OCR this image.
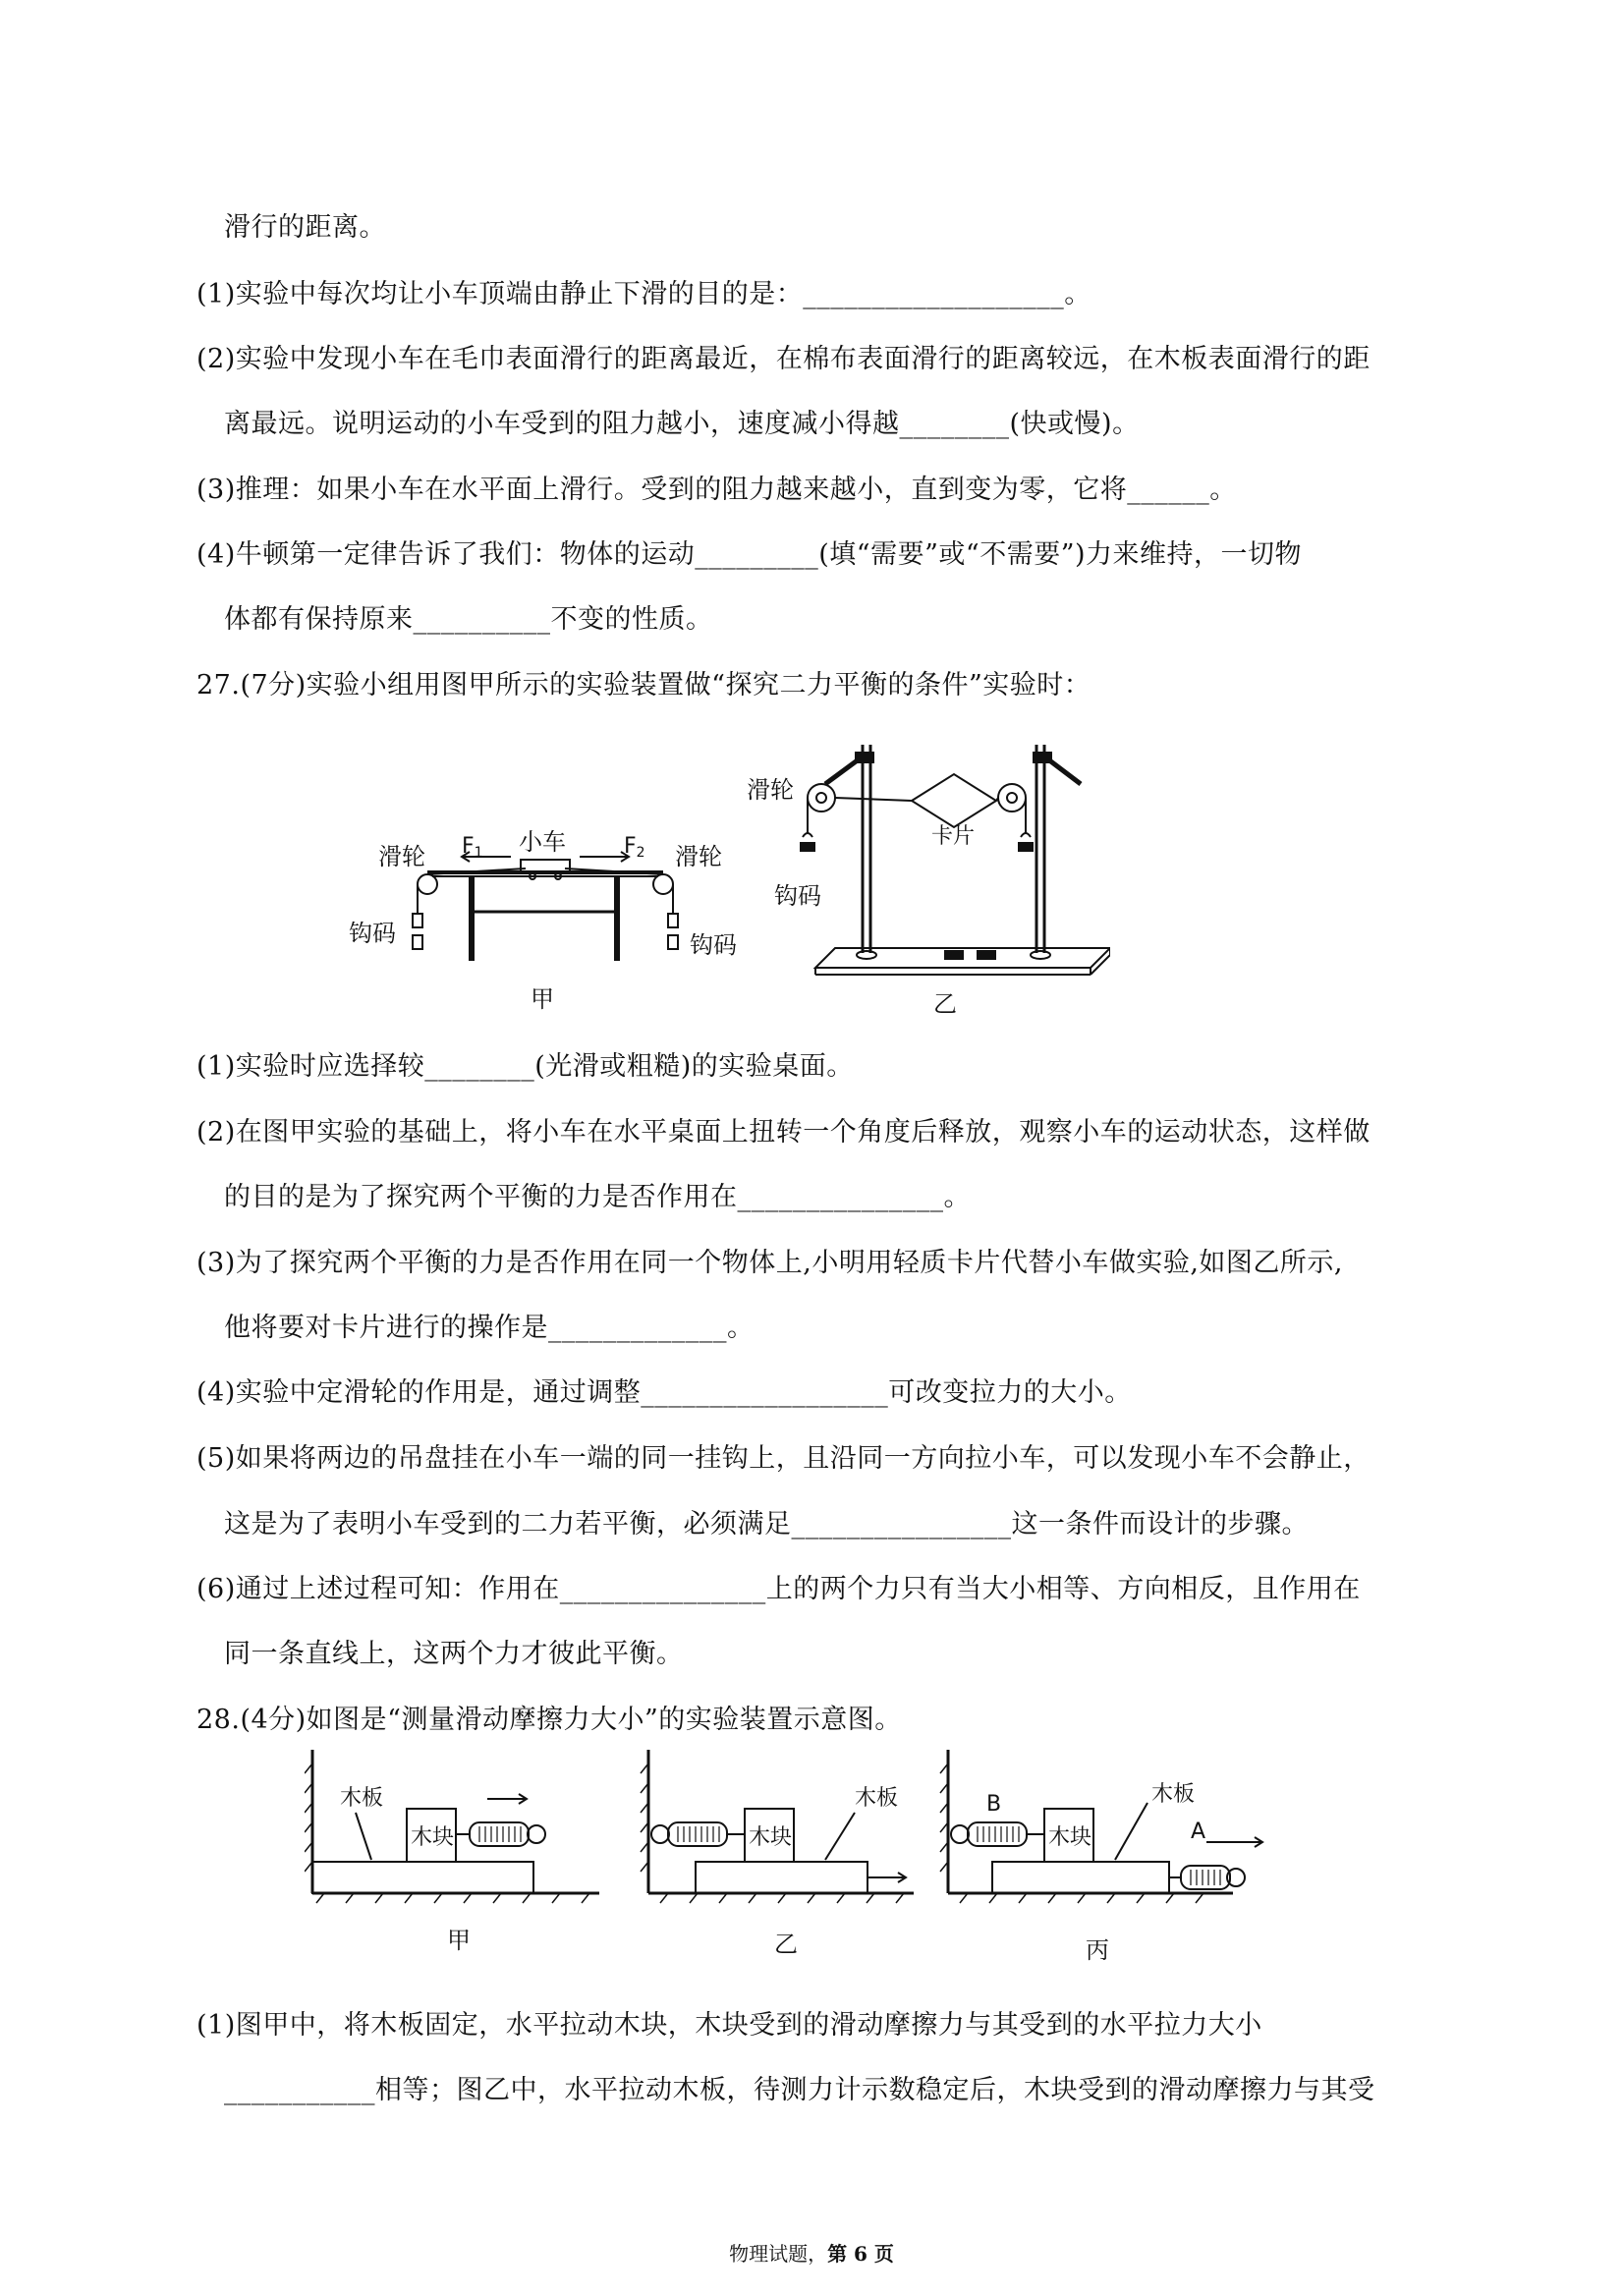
滑行的距离。
(1)实验中每次均让小车顶端由静止下滑的目的是：___________________。
(2)实验中发现小车在毛巾表面滑行的距离最近，在棉布表面滑行的距离较远，在木板表面滑行的距
离最远。说明运动的小车受到的阻力越小，速度减小得越________(快或慢)。
(3)推理：如果小车在水平面上滑行。受到的阻力越来越小，直到变为零，它将______。
(4)牛顿第一定律告诉了我们：物体的运动_________(填“需要”或“不需要”)力来维持，一切物
体都有保持原来__________不变的性质。
27.(7分)实验小组用图甲所示的实验装置做“探究二力平衡的条件”实验时：
滑轮 F1 小车	F2 滑轮
钩码	钩码
甲
滑轮
卡片
钩码
乙
(1)实验时应选择较________(光滑或粗糙)的实验桌面。
(2)在图甲实验的基础上，将小车在水平桌面上扭转一个角度后释放，观察小车的运动状态，这样做
的目的是为了探究两个平衡的力是否作用在_______________。
(3)为了探究两个平衡的力是否作用在同一个物体上,小明用轻质卡片代替小车做实验,如图乙所示,
他将要对卡片进行的操作是_____________。
(4)实验中定滑轮的作用是，通过调整__________________可改变拉力的大小。
(5)如果将两边的吊盘挂在小车一端的同一挂钩上，且沿同一方向拉小车，可以发现小车不会静止，
这是为了表明小车受到的二力若平衡，必须满足________________这一条件而设计的步骤。
(6)通过上述过程可知：作用在_______________上的两个力只有当大小相等、方向相反，且作用在
同一条直线上，这两个力才彼此平衡。
28.(4分)如图是“测量滑动摩擦力大小”的实验装置示意图。
木板
木块
甲
木块
木板
乙
B
木块
木板
A
丙
(1)图甲中，将木板固定，水平拉动木块，木块受到的滑动摩擦力与其受到的水平拉力大小
___________相等；图乙中，水平拉动木板，待测力计示数稳定后，木块受到的滑动摩擦力与其受
物理试题，第 6 页
